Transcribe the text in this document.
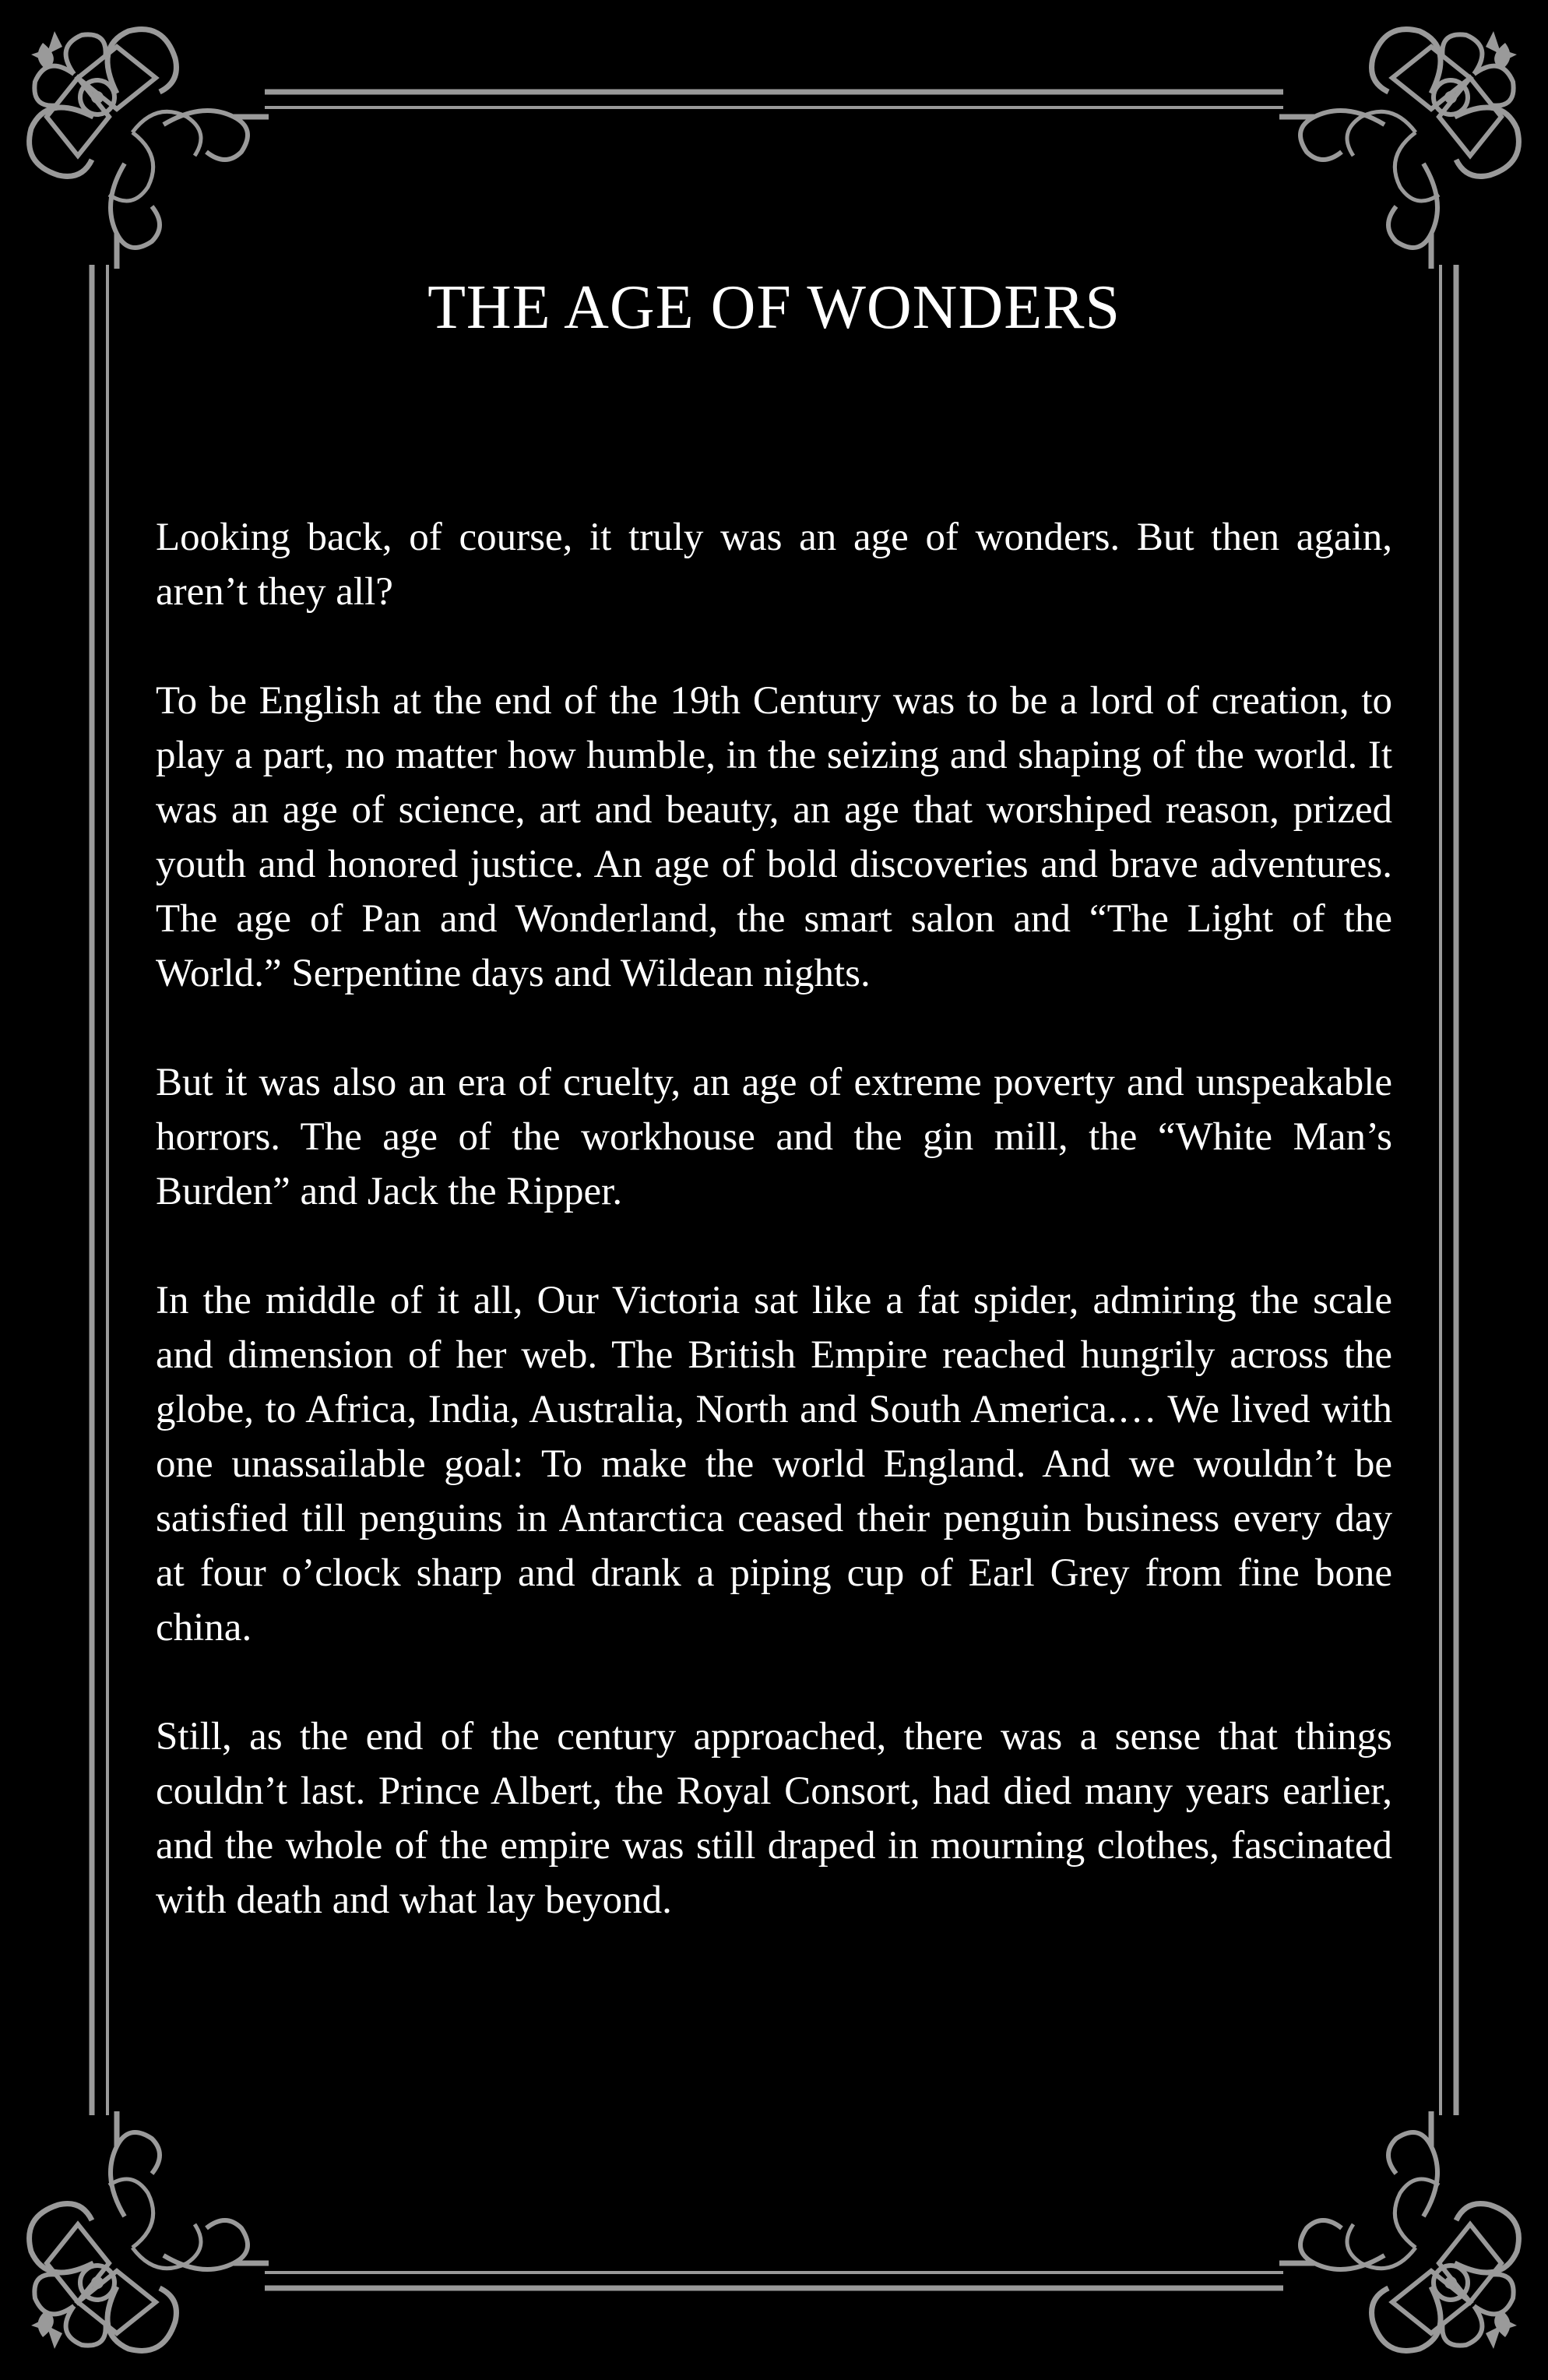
THE AGE OF WONDERS

Looking back, of course, it truly was an age of wonders. But then again, aren’t they all?

To be English at the end of the 19th Century was to be a lord of creation, to play a part, no matter how humble, in the seizing and shaping of the world. It was an age of science, art and beauty, an age that worshiped reason, prized youth and honored justice. An age of bold discoveries and brave adventures. The age of Pan and Wonderland, the smart salon and “The Light of the World.” Serpentine days and Wildean nights.

But it was also an era of cruelty, an age of extreme poverty and unspeakable horrors. The age of the workhouse and the gin mill, the “White Man’s Burden” and Jack the Ripper.

In the middle of it all, Our Victoria sat like a fat spider, admiring the scale and dimension of her web. The British Empire reached hungrily across the globe, to Africa, India, Australia, North and South America.… We lived with one unassailable goal: To make the world England. And we wouldn’t be satisfied till penguins in Antarctica ceased their penguin business every day at four o’clock sharp and drank a piping cup of Earl Grey from fine bone china.

Still, as the end of the century approached, there was a sense that things couldn’t last. Prince Albert, the Royal Consort, had died many years earlier, and the whole of the empire was still draped in mourning clothes, fascinated with death and what lay beyond.
